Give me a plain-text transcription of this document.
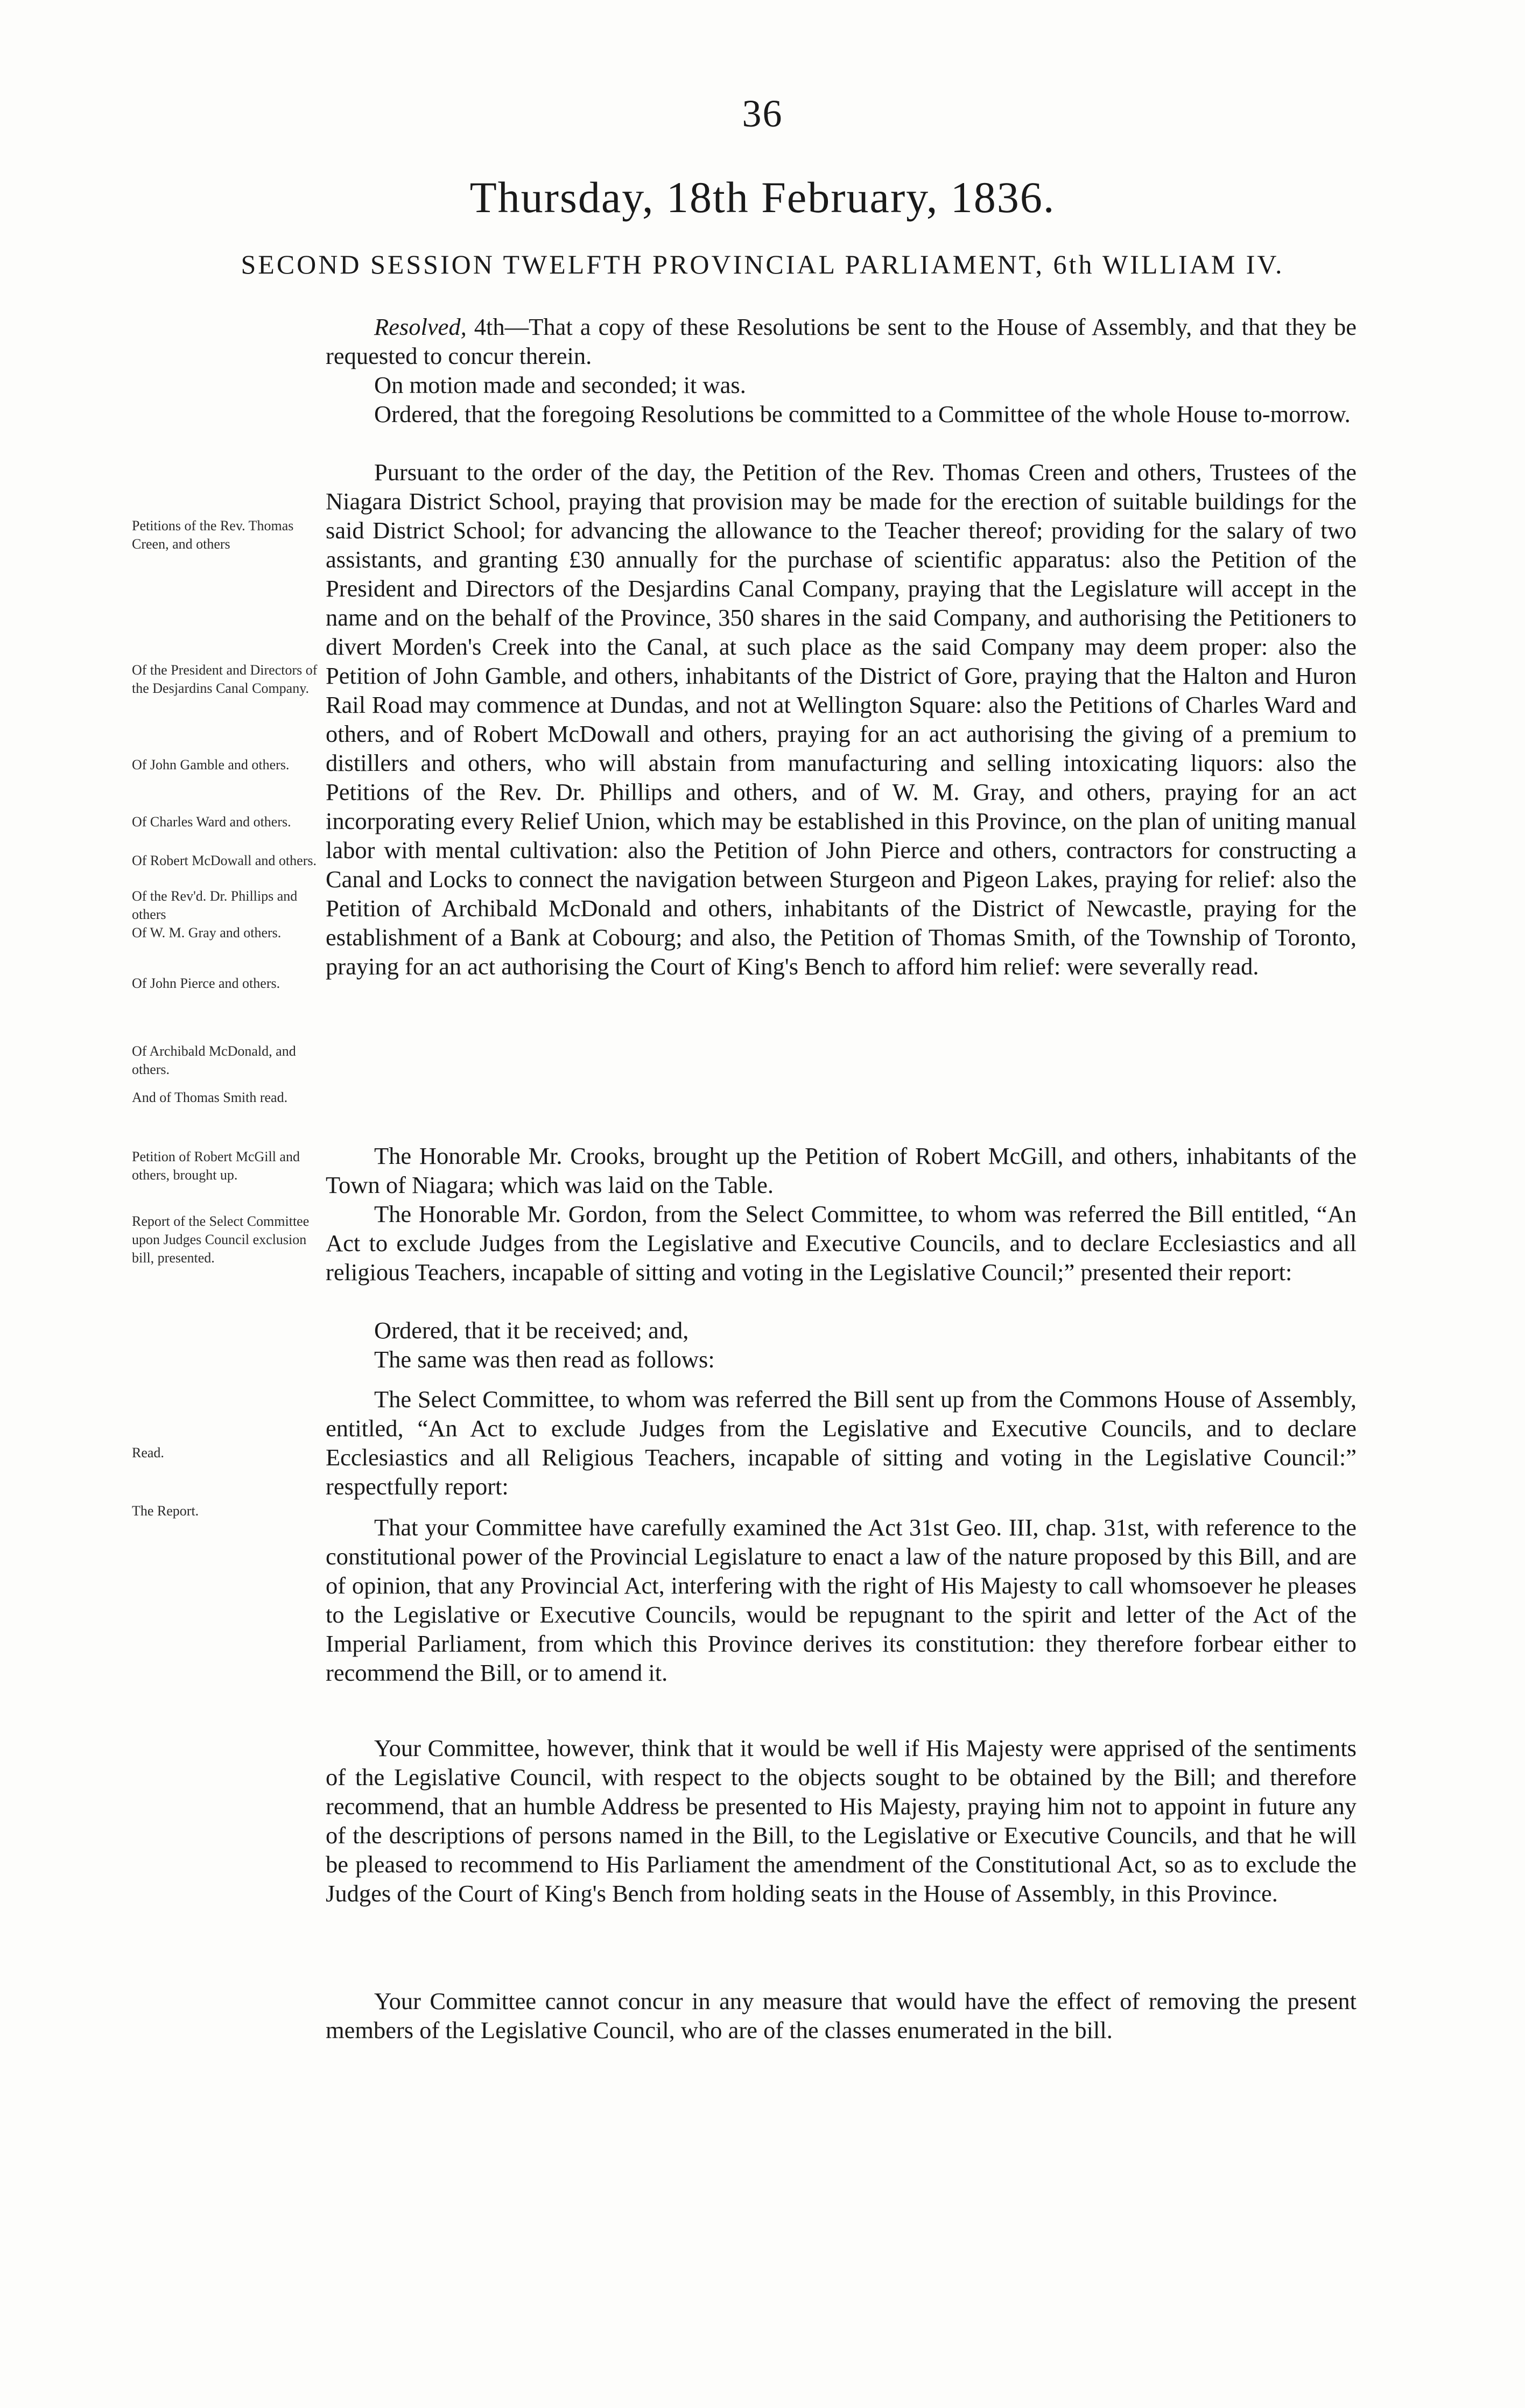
36
Thursday, 18th February, 1836.
SECOND SESSION TWELFTH PROVINCIAL PARLIAMENT, 6th WILLIAM IV.
Petitions of the Rev. Thomas Creen, and others
Of the President and Directors of the Desjardins Canal Company.
Of John Gamble and others.
Of Charles Ward and others.
Of Robert McDowall and others.
Of the Rev'd. Dr. Phillips and others
Of W. M. Gray and others.
Of John Pierce and others.
Of Archibald McDonald, and others.
And of Thomas Smith read.
Petition of Robert McGill and others, brought up.
Report of the Select Committee upon Judges Council exclusion bill, presented.
Read.
The Report.

Resolved, 4th—That a copy of these Resolutions be sent to the House of Assembly, and that they be requested to concur therein.

On motion made and seconded; it was.

Ordered, that the foregoing Resolutions be committed to a Committee of the whole House to-morrow.

Pursuant to the order of the day, the Petition of the Rev. Thomas Creen and others, Trustees of the Niagara District School, praying that provision may be made for the erection of suitable buildings for the said District School; for advancing the allowance to the Teacher thereof; providing for the salary of two assistants, and granting £30 annually for the purchase of scientific apparatus: also the Petition of the President and Directors of the Desjardins Canal Company, praying that the Legislature will accept in the name and on the behalf of the Province, 350 shares in the said Company, and authorising the Petitioners to divert Morden's Creek into the Canal, at such place as the said Company may deem proper: also the Petition of John Gamble, and others, inhabitants of the District of Gore, praying that the Halton and Huron Rail Road may commence at Dundas, and not at Wellington Square: also the Petitions of Charles Ward and others, and of Robert McDowall and others, praying for an act authorising the giving of a premium to distillers and others, who will abstain from manufacturing and selling intoxicating liquors: also the Petitions of the Rev. Dr. Phillips and others, and of W. M. Gray, and others, praying for an act incorporating every Relief Union, which may be established in this Province, on the plan of uniting manual labor with mental cultivation: also the Petition of John Pierce and others, contractors for constructing a Canal and Locks to connect the navigation between Sturgeon and Pigeon Lakes, praying for relief: also the Petition of Archibald McDonald and others, inhabitants of the District of Newcastle, praying for the establishment of a Bank at Cobourg; and also, the Petition of Thomas Smith, of the Township of Toronto, praying for an act authorising the Court of King's Bench to afford him relief: were severally read.

The Honorable Mr. Crooks, brought up the Petition of Robert McGill, and others, inhabitants of the Town of Niagara; which was laid on the Table.

The Honorable Mr. Gordon, from the Select Committee, to whom was referred the Bill entitled, “An Act to exclude Judges from the Legislative and Executive Councils, and to declare Ecclesiastics and all religious Teachers, incapable of sitting and voting in the Legislative Council;” presented their report:

Ordered, that it be received; and,

The same was then read as follows:

The Select Committee, to whom was referred the Bill sent up from the Commons House of Assembly, entitled, “An Act to exclude Judges from the Legislative and Executive Councils, and to declare Ecclesiastics and all Religious Teachers, incapable of sitting and voting in the Legislative Council:” respectfully report:

That your Committee have carefully examined the Act 31st Geo. III, chap. 31st, with reference to the constitutional power of the Provincial Legislature to enact a law of the nature proposed by this Bill, and are of opinion, that any Provincial Act, interfering with the right of His Majesty to call whomsoever he pleases to the Legislative or Executive Councils, would be repugnant to the spirit and letter of the Act of the Imperial Parliament, from which this Province derives its constitution: they therefore forbear either to recommend the Bill, or to amend it.

Your Committee, however, think that it would be well if His Majesty were apprised of the sentiments of the Legislative Council, with respect to the objects sought to be obtained by the Bill; and therefore recommend, that an humble Address be presented to His Majesty, praying him not to appoint in future any of the descriptions of persons named in the Bill, to the Legislative or Executive Councils, and that he will be pleased to recommend to His Parliament the amendment of the Constitutional Act, so as to exclude the Judges of the Court of King's Bench from holding seats in the House of Assembly, in this Province.

Your Committee cannot concur in any measure that would have the effect of removing the present members of the Legislative Council, who are of the classes enumerated in the bill.
